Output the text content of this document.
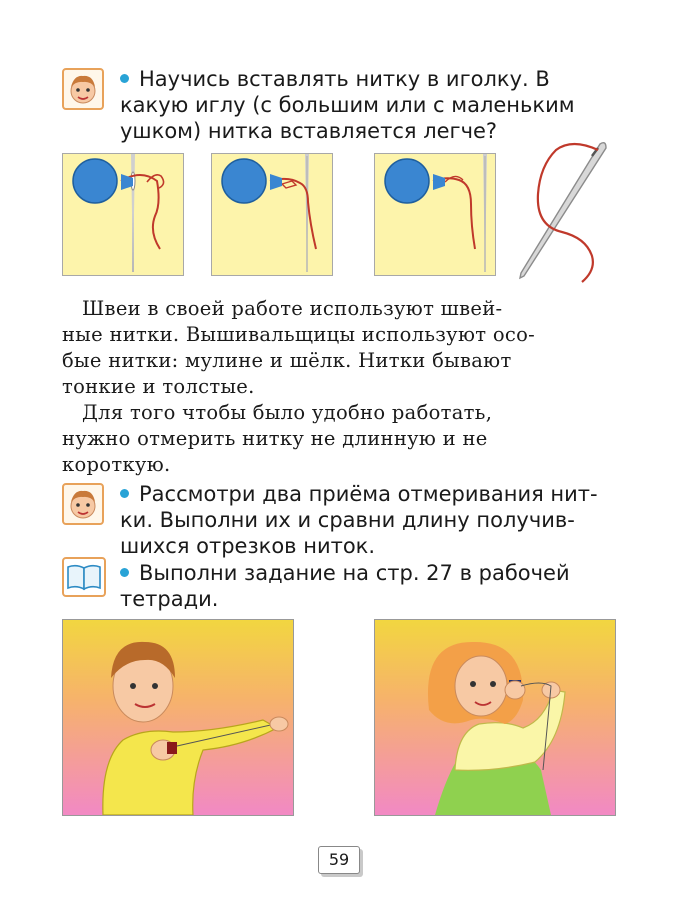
Научись вставлять нитку в иголку. В
какую иглу (с большим или с маленьким
ушком) нитка вставляется легче?
Швеи в своей работе используют швей-
ные нитки. Вышивальщицы используют осо-
бые нитки: мулине и шёлк. Нитки бывают
тонкие и толстые.
Для того чтобы было удобно работать,
нужно отмерить нитку не длинную и не
короткую.
Рассмотри два приёма отмеривания нит-
ки. Выполни их и сравни длину получив-
шихся отрезков ниток.
Выполни задание на стр. 27 в рабочей
тетради.
59
